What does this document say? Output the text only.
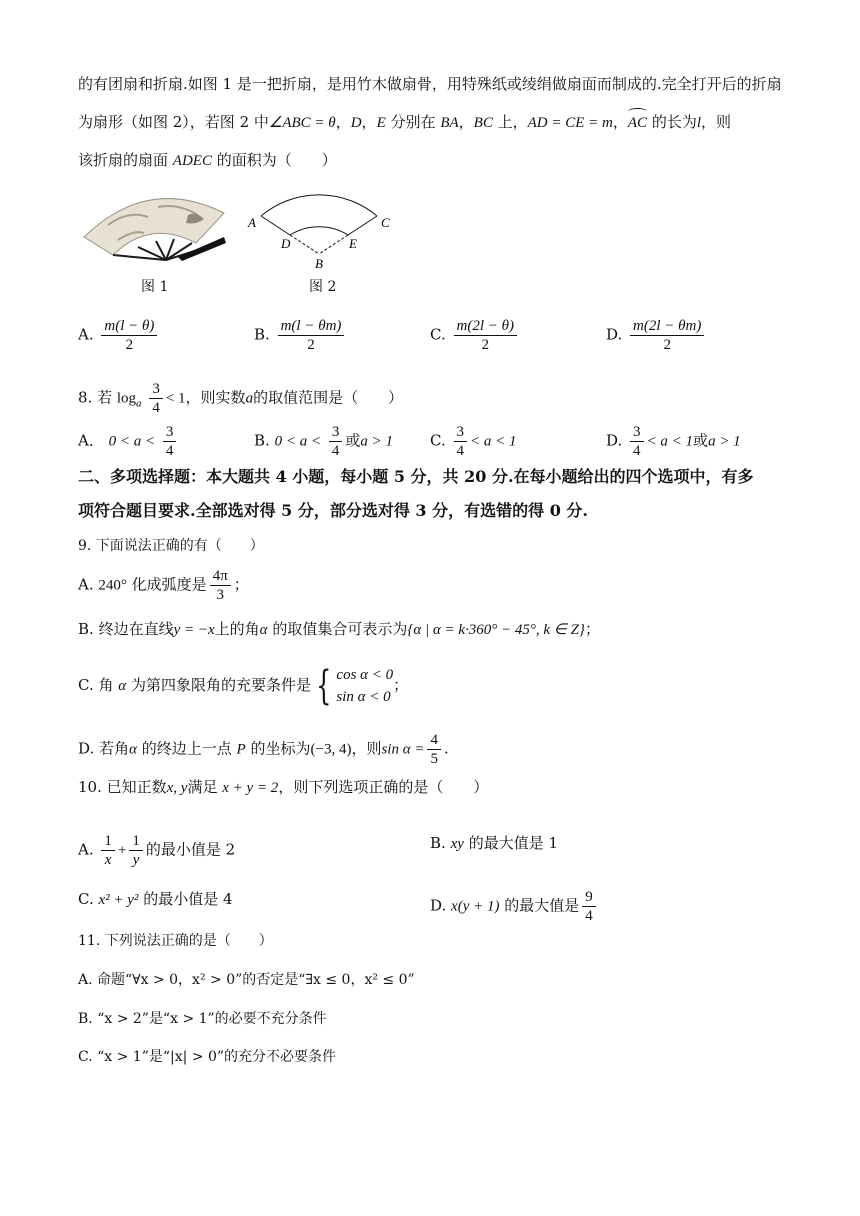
的有团扇和折扇.如图 1 是一把折扇，是用竹木做扇骨，用特殊纸或绫绢做扇面而制成的.完全打开后的折扇
为扇形（如图 2），若图 2 中∠ABC = θ，D，E 分别在 BA，BC 上，AD = CE = m，
AC 的长为l，则
该折扇的扇面 ADEC 的面积为（　　）
图 1
A	C
D	E
B
图 2
A. $\frac{m(l - \theta)}{2}$	B. $\frac{m(l - \theta m)}{2}$	C. $\frac{m(2l - \theta)}{2}$	D. $\frac{m(2l - \theta m)}{2}$
8. 若 $\log_a \frac{3}{4} < 1$，则实数a的取值范围是（　　）
A． $0 < a < \frac{3}{4}$	B. $0 < a < \frac{3}{4}$ 或a > 1 C. $\frac{3}{4} < a < 1$	D. $\frac{3}{4} < a < 1$或a > 1
二、多项选择题：本大题共 4 小题，每小题 5 分，共 20 分.在每小题给出的四个选项中，有多
项符合题目要求.全部选对得 5 分，部分选对得 3 分，有选错的得 0 分.
9. 下面说法正确的有（　　）
A. 240° 化成弧度是 $\frac{4\pi}{3}$ ；
B. 终边在直线y = −x上的角α 的取值集合可表示为{α | α = k·360° − 45°, k ∈ Z}；
C. 角 α 为第四象限角的充要条件是 { cos α < 0
sin α < 0
；
D. 若角α 的终边上一点 P 的坐标为(−3, 4)，则$\sin \alpha = \frac{4}{5}$ .
10. 已知正数x, y满足 x + y = 2，则下列选项正确的是（　　）
A. $\frac{1}{x} + \frac{1}{y}$ 的最小值是 2	B. xy 的最大值是 1
C. x² + y² 的最小值是 4	D. x(y + 1) 的最大值是 $\frac{9}{4}$
11. 下列说法正确的是（　　）
A. 命题“∀x > 0，x² > 0”的否定是“∃x ≤ 0，x² ≤ 0”
B. “x > 2”是“x > 1”的必要不充分条件
C. “x > 1”是“|x| > 0”的充分不必要条件
